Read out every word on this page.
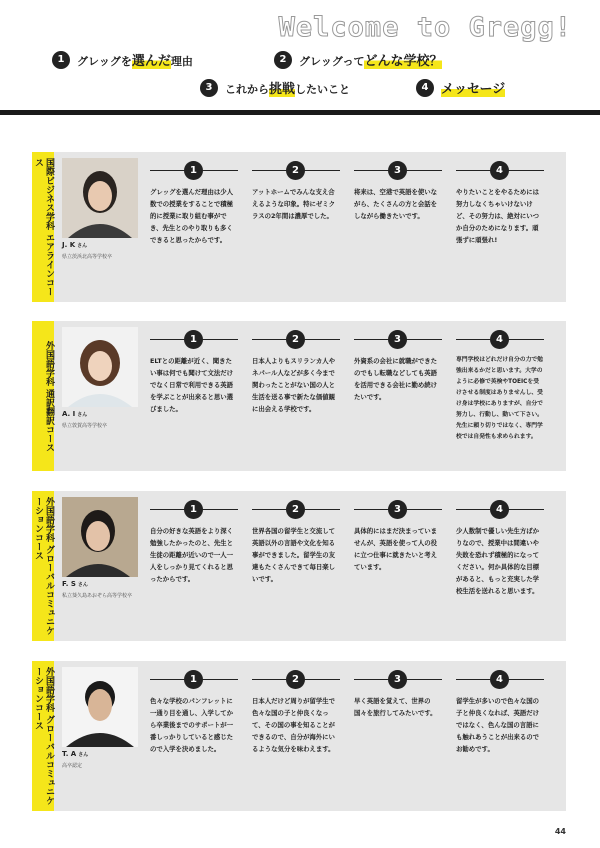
Welcome to Gregg!
1	グレッグを選んだ理由	2	グレッグってどんな学校？
3	これから挑戦したいこと	4 メッセージ
国際ビジネス学科 エアラインコース
J. K さん
県立茨浜北高等学校卒
1
グレッグを選んだ理由は少人数での授業をすることで積極的に授業に取り組む事ができ、先生とのやり取りも多くできると思ったからです。
2
アットホームでみんな支え合えるような印象。特にゼミクラスの2年間は濃厚でした。
3
将来は、空港で英語を使いながら、たくさんの方と会話をしながら働きたいです。
4
やりたいことをやるためには努力しなくちゃいけないけど、その努力は、絶対にいつか自分のためになります。頑張ずに頑張れ!
外国語学科 通訳翻訳コース A. I さん
県立敦賀高等学校卒
1
ELTとの距離が近く、聞きたい事は何でも聞けて文法だけでなく日常で利用できる英語を学ぶことが出来ると思い選びました。
2
日本人よりもスリランカ人やネパール人などが多く今まで関わったことがない国の人と生活を送る事で新たな価値観に出会える学校です。
3
外資系の会社に就職ができたのでもし転職などしても英語を活用できる会社に勤め続けたいです。
4
専門学校はどれだけ自分の力で勉強出来るかだと思います。大学のように必修で英検やTOEICを受けさせる制度はありませんし、受け身は学校にありますが、自分で努力し、行動し、動いて下さい。先生に頼り切りではなく、専門学校では自発性も求められます。
外国語学科 グローバルコミュニケーションコース
F. S さん
私立葵久島あおぞら高等学校卒
1
自分の好きな英語をより深く勉強したかったのと、先生と生徒の距離が近いので一人一人をしっかり見てくれると思ったからです。
2
世界各国の留学生と交流して英語以外の言語や文化を知る事ができました。留学生の友達もたくさんできて毎日楽しいです。
3
具体的にはまだ決まっていませんが、英語を使って人の役に立つ仕事に就きたいと考えています。
4
少人数制で優しい先生方ばかりなので、授業中は間違いや失敗を恐れず積極的になってください。何か具体的な目標があると、もっと充実した学校生活を送れると思います。
外国語学科 グローバルコミュニケーションコース
T. A さん
高卒認定
1
色々な学校のパンフレットに一通り目を通し、入学してから卒業後までのサポートが一番しっかりしていると感じたので入学を決めました。
2
日本人だけど周りが留学生で色々な国の子と仲良くなって、その国の事を知ることができるので、自分が海外にいるような気分を味わえます。
3
早く英語を覚えて、世界の国々を旅行してみたいです。
4
留学生が多いので色々な国の子と仲良くなれば、英語だけではなく、色んな国の言語にも触れあうことが出来るのでお勧めです。
44
